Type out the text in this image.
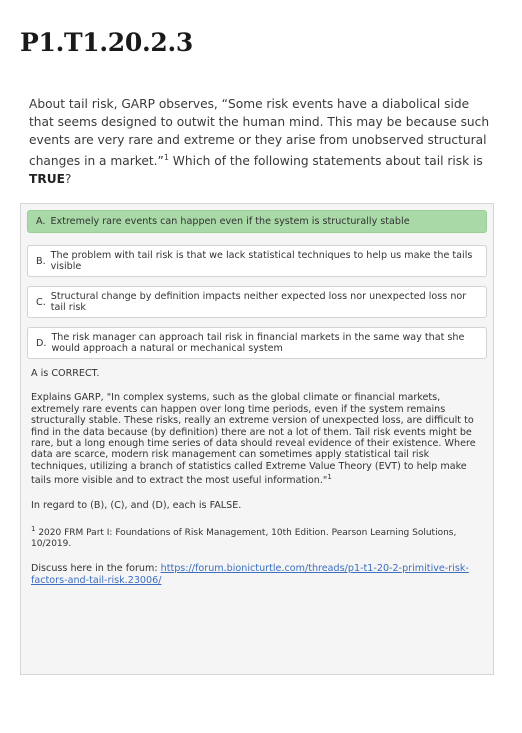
P1.T1.20.2.3

About tail risk, GARP observes, “Some risk events have a diabolical side that seems designed to outwit the human mind. This may be because such events are very rare and extreme or they arise from unobserved structural changes in a market.”$^1$ Which of the following statements about tail risk is TRUE?

A. Extremely rare events can happen even if the system is structurally stable
B. The problem with tail risk is that we lack statistical techniques to help us make the tails visible
C. Structural change by definition impacts neither expected loss nor unexpected loss nor tail risk
D. The risk manager can approach tail risk in financial markets in the same way that she would approach a natural or mechanical system

A is CORRECT.

Explains GARP, "In complex systems, such as the global climate or financial markets, extremely rare events can happen over long time periods, even if the system remains structurally stable. These risks, really an extreme version of unexpected loss, are difficult to find in the data because (by definition) there are not a lot of them. Tail risk events might be rare, but a long enough time series of data should reveal evidence of their existence. Where data are scarce, modern risk management can sometimes apply statistical tail risk techniques, utilizing a branch of statistics called Extreme Value Theory (EVT) to help make tails more visible and to extract the most useful information."$^1$

In regard to (B), (C), and (D), each is FALSE.

$^1$ 2020 FRM Part I: Foundations of Risk Management, 10th Edition. Pearson Learning Solutions, 10/2019.

Discuss here in the forum: https://forum.bionicturtle.com/threads/p1-t1-20-2-primitive-risk-factors-and-tail-risk.23006/
